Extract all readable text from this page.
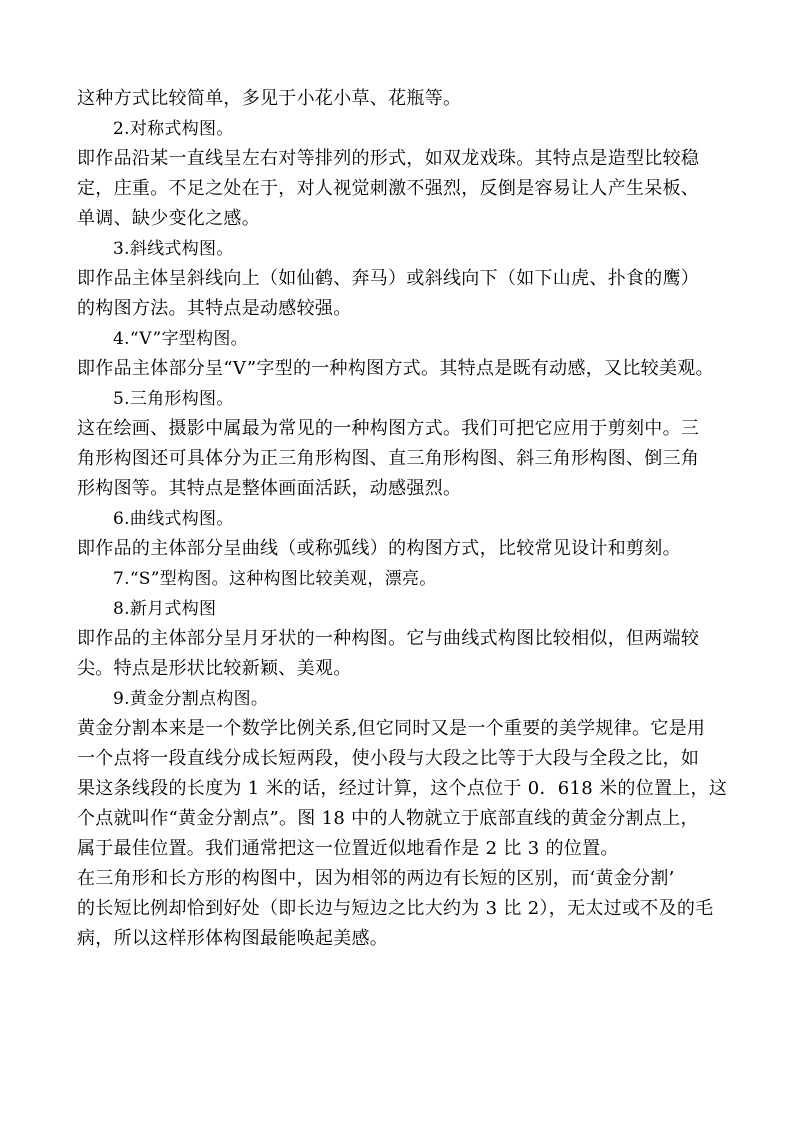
这种方式比较简单，多见于小花小草、花瓶等。
2.对称式构图。
即作品沿某一直线呈左右对等排列的形式，如双龙戏珠。其特点是造型比较稳
定，庄重。不足之处在于，对人视觉刺激不强烈，反倒是容易让人产生呆板、
单调、缺少变化之感。
3.斜线式构图。
即作品主体呈斜线向上（如仙鹤、奔马）或斜线向下（如下山虎、扑食的鹰）
的构图方法。其特点是动感较强。
4.“V”字型构图。
即作品主体部分呈“V”字型的一种构图方式。其特点是既有动感，又比较美观。
5.三角形构图。
这在绘画、摄影中属最为常见的一种构图方式。我们可把它应用于剪刻中。三
角形构图还可具体分为正三角形构图、直三角形构图、斜三角形构图、倒三角
形构图等。其特点是整体画面活跃，动感强烈。
6.曲线式构图。
即作品的主体部分呈曲线（或称弧线）的构图方式，比较常见设计和剪刻。
7.“S”型构图。这种构图比较美观，漂亮。
8.新月式构图
即作品的主体部分呈月牙状的一种构图。它与曲线式构图比较相似，但两端较
尖。特点是形状比较新颖、美观。
9.黄金分割点构图。
黄金分割本来是一个数学比例关系,但它同时又是一个重要的美学规律。它是用
一个点将一段直线分成长短两段，使小段与大段之比等于大段与全段之比，如
果这条线段的长度为 1 米的话，经过计算，这个点位于 0．618 米的位置上，这
个点就叫作“黄金分割点”。图 18 中的人物就立于底部直线的黄金分割点上，
属于最佳位置。我们通常把这一位置近似地看作是 2 比 3 的位置。
在三角形和长方形的构图中，因为相邻的两边有长短的区别，而‘黄金分割’
的长短比例却恰到好处（即长边与短边之比大约为 3 比 2），无太过或不及的毛
病，所以这样形体构图最能唤起美感。
